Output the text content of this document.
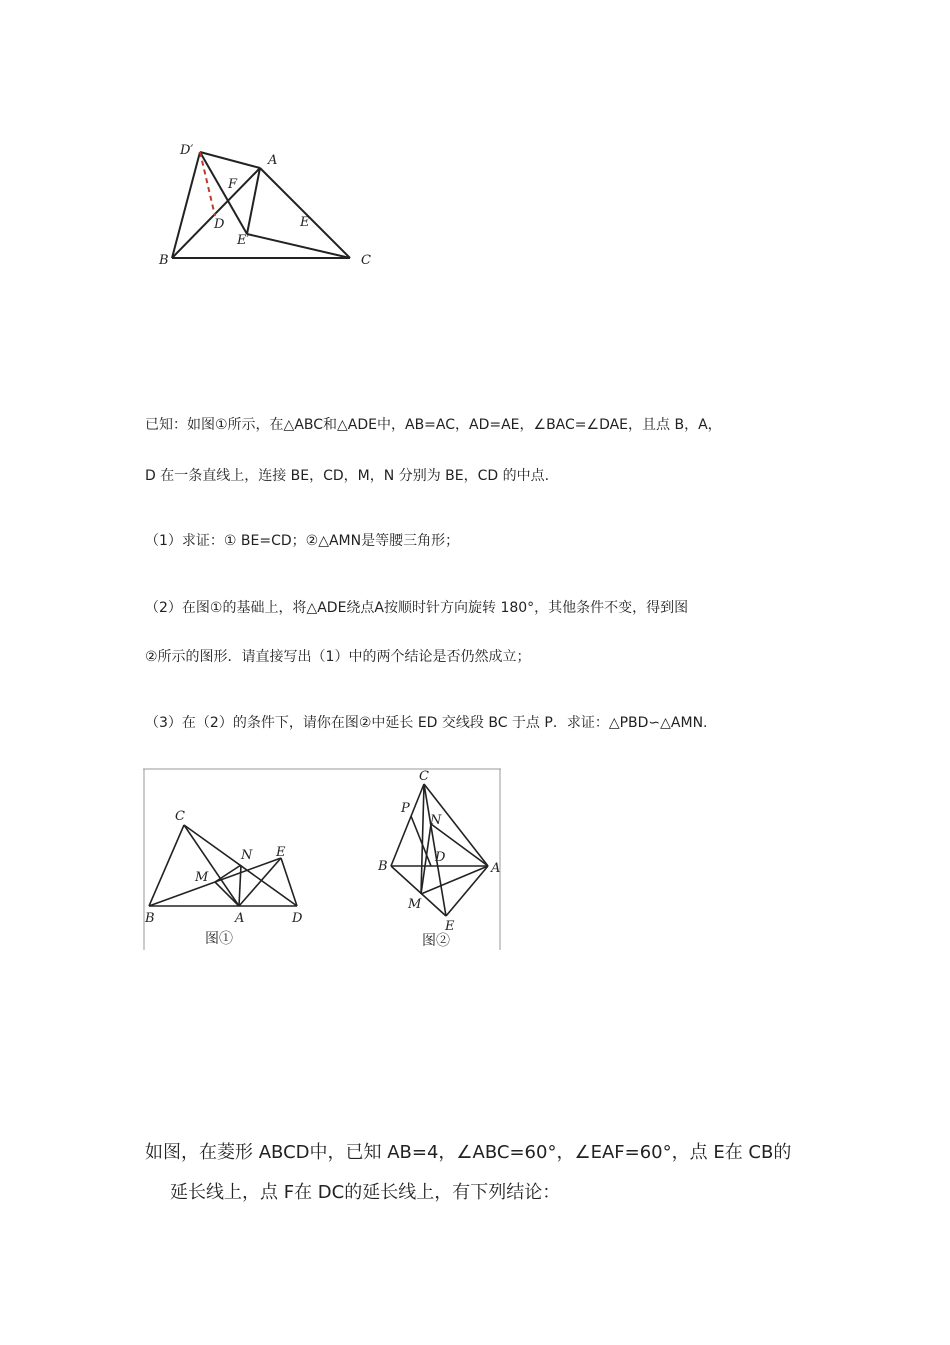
D′
A
F
D
E′
E
B	C
已知：如图①所示，在△ABC和△ADE中，AB=AC，AD=AE，∠BAC=∠DAE，且点 B，A，
D 在一条直线上，连接 BE，CD，M，N 分别为 BE，CD 的中点.
（1）求证：① BE=CD；②△AMN是等腰三角形；
（2）在图①的基础上，将△ADE绕点A按顺时针方向旋转 180°，其他条件不变，得到图
②所示的图形．请直接写出（1）中的两个结论是否仍然成立；
（3）在（2）的条件下，请你在图②中延长 ED 交线段 BC 于点 P．求证：△PBD∽△AMN.
C
N E
M
B	A	D
图①
C
P
N
D
B	A
M
E
图②
如图，在菱形 ABCD中，已知 AB=4，∠ABC=60°，∠EAF=60°，点 E在 CB的
延长线上，点 F在 DC的延长线上，有下列结论：
